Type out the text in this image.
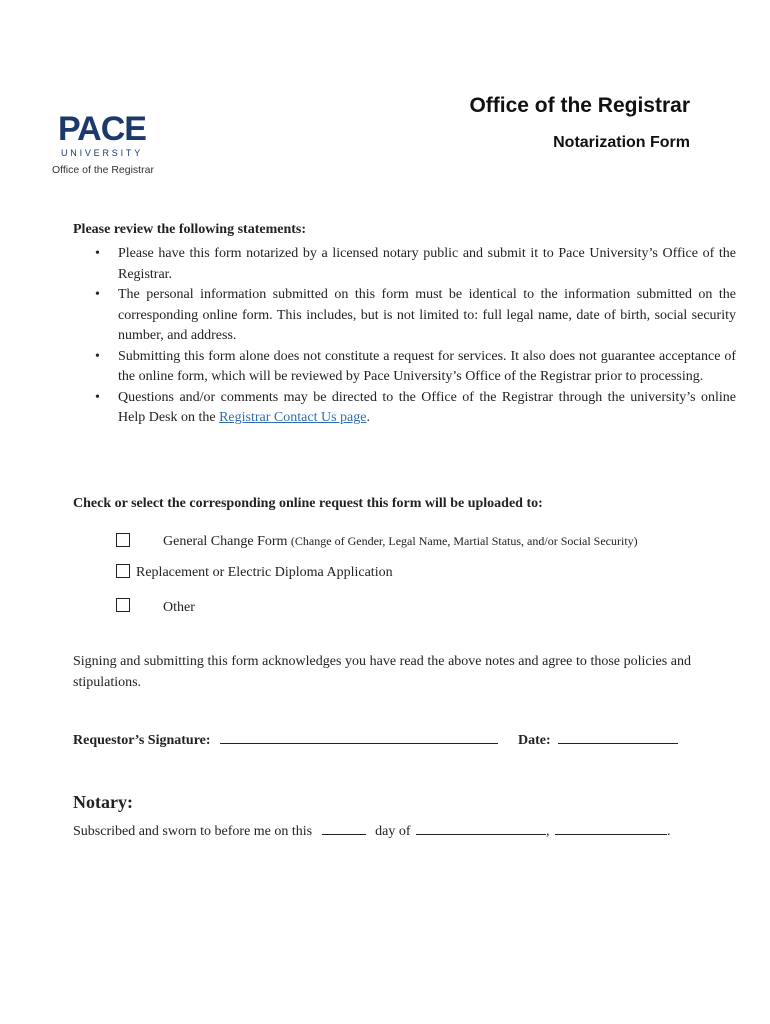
PACE
UNIVERSITY
Office of the Registrar
Office of the Registrar
Notarization Form
Please review the following statements:
• Please have this form notarized by a licensed notary public and submit it to Pace University’s Office of the Registrar.
• The personal information submitted on this form must be identical to the information submitted on the corresponding online form. This includes, but is not limited to: full legal name, date of birth, social security number, and address.
• Submitting this form alone does not constitute a request for services. It also does not guarantee acceptance of the online form, which will be reviewed by Pace University’s Office of the Registrar prior to processing.
• Questions and/or comments may be directed to the Office of the Registrar through the university’s online Help Desk on the Registrar Contact Us page.
Check or select the corresponding online request this form will be uploaded to:
General Change Form (Change of Gender, Legal Name, Martial Status, and/or Social Security)
Replacement or Electric Diploma Application
Other
Signing and submitting this form acknowledges you have read the above notes and agree to those policies and stipulations.
Requestor’s Signature:	Date:
Notary:
Subscribed and sworn to before me on this	day of	,	.
